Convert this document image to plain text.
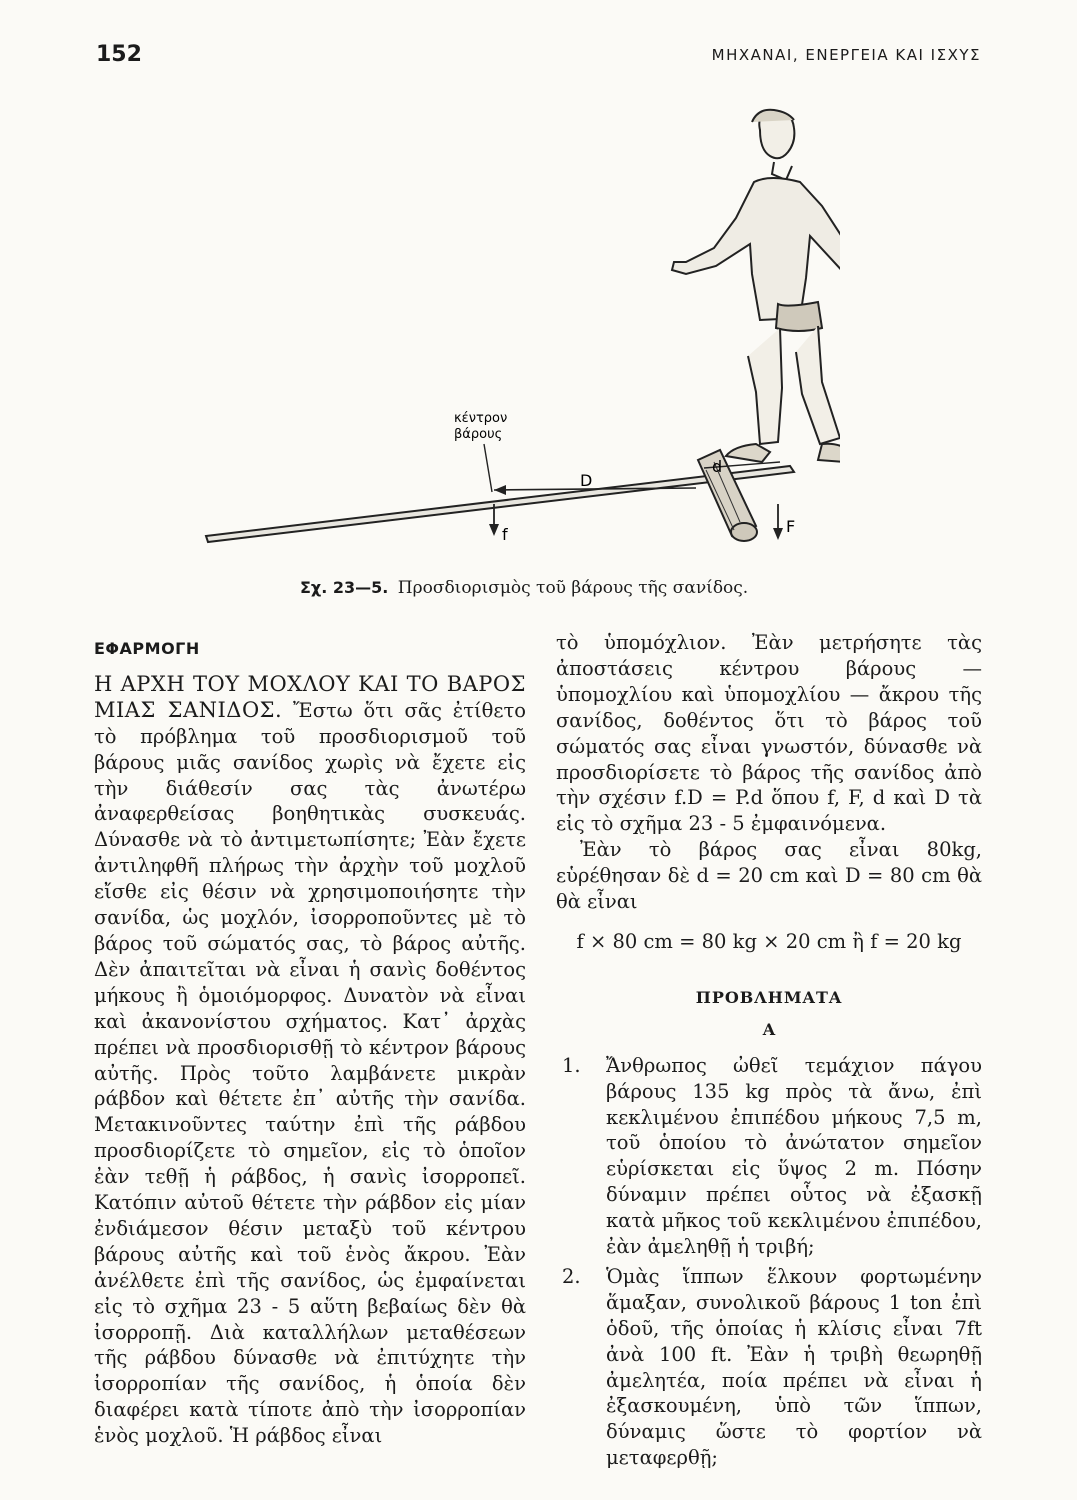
152	ΜΗΧΑΝΑΙ, ΕΝΕΡΓΕΙΑ ΚΑΙ ΙΣΧΥΣ
κέντρον
βάρους
D
d
f	F
Σχ. 23—5. Προσδιορισμὸς τοῦ βάρους τῆς σανίδος.
ΕΦΑΡΜΟΓΗ

Η ΑΡΧΗ ΤΟΥ ΜΟΧΛΟΥ ΚΑΙ ΤΟ ΒΑΡΟΣ ΜΙΑΣ ΣΑΝΙΔΟΣ. Ἔστω ὅτι σᾶς ἐτίθετο τὸ πρόβλημα τοῦ προσδιορισμοῦ τοῦ βάρους μιᾶς σανίδος χωρὶς νὰ ἔχετε εἰς τὴν διάθεσίν σας τὰς ἀνωτέρω ἀναφερθείσας βοηθητικὰς συσκευάς. Δύνασθε νὰ τὸ ἀντιμετωπίσητε; Ἐὰν ἔχετε ἀντιληφθῆ πλήρως τὴν ἀρχὴν τοῦ μοχλοῦ εἴσθε εἰς θέσιν νὰ χρησιμοποιήσητε τὴν σανίδα, ὡς μοχλόν, ἰσορροποῦντες μὲ τὸ βάρος τοῦ σώματός σας, τὸ βάρος αὐτῆς. Δὲν ἀπαιτεῖται νὰ εἶναι ἡ σανὶς δοθέντος μήκους ἢ ὁμοιόμορφος. Δυνατὸν νὰ εἶναι καὶ ἀκανονίστου σχήματος. Κατ᾽ ἀρχὰς πρέπει νὰ προσδιορισθῇ τὸ κέντρον βάρους αὐτῆς. Πρὸς τοῦτο λαμβάνετε μικρὰν ράβδον καὶ θέτετε ἐπ᾽ αὐτῆς τὴν σανίδα. Μετακινοῦντες ταύτην ἐπὶ τῆς ράβδου προσδιορίζετε τὸ σημεῖον, εἰς τὸ ὁποῖον ἐὰν τεθῇ ἡ ράβδος, ἡ σανὶς ἰσορροπεῖ. Κατόπιν αὐτοῦ θέτετε τὴν ράβδον εἰς μίαν ἐνδιάμεσον θέσιν μεταξὺ τοῦ κέντρου βάρους αὐτῆς καὶ τοῦ ἑνὸς ἄκρου. Ἐὰν ἀνέλθετε ἐπὶ τῆς σανίδος, ὡς ἐμφαίνεται εἰς τὸ σχῆμα 23 - 5 αὕτη βεβαίως δὲν θὰ ἰσορροπῇ. Διὰ καταλλήλων μεταθέσεων τῆς ράβδου δύνασθε νὰ ἐπιτύχητε τὴν ἰσορροπίαν τῆς σανίδος, ἡ ὁποία δὲν διαφέρει κατὰ τίποτε ἀπὸ τὴν ἰσορροπίαν ἑνὸς μοχλοῦ. Ἡ ράβδος εἶναι

τὸ ὑπομόχλιον. Ἐὰν μετρήσητε τὰς ἀποστάσεις κέντρου βάρους — ὑπομοχλίου καὶ ὑπομοχλίου — ἄκρου τῆς σανίδος, δοθέντος ὅτι τὸ βάρος τοῦ σώματός σας εἶναι γνωστόν, δύνασθε νὰ προσδιορίσετε τὸ βάρος τῆς σανίδος ἀπὸ τὴν σχέσιν f.D = P.d ὅπου f, F, d καὶ D τὰ εἰς τὸ σχῆμα 23 - 5 ἐμφαινόμενα.

Ἐὰν τὸ βάρος σας εἶναι 80kg, εὑρέθησαν δὲ d = 20 cm καὶ D = 80 cm θὰ θὰ εἶναι

f × 80 cm = 80 kg × 20 cm ἢ f = 20 kg
ΠΡΟΒΛΗΜΑΤΑ
Α
1.	Ἄνθρωπος ὠθεῖ τεμάχιον πάγου βάρους 135 kg πρὸς τὰ ἄνω, ἐπὶ κεκλιμένου ἐπιπέδου μήκους 7,5 m, τοῦ ὁποίου τὸ ἀνώτατον σημεῖον εὑρίσκεται εἰς ὕψος 2 m. Πόσην δύναμιν πρέπει οὗτος νὰ ἐξασκῇ κατὰ μῆκος τοῦ κεκλιμένου ἐπιπέδου, ἐὰν ἀμεληθῇ ἡ τριβή;
2.	Ὁμὰς ἵππων ἕλκουν φορτωμένην ἅμαξαν, συνολικοῦ βάρους 1 ton ἐπὶ ὁδοῦ, τῆς ὁποίας ἡ κλίσις εἶναι 7ft ἀνὰ 100 ft. Ἐὰν ἡ τριβὴ θεωρηθῇ ἀμελητέα, ποία πρέπει νὰ εἶναι ἡ ἐξασκουμένη, ὑπὸ τῶν ἵππων, δύναμις ὥστε τὸ φορτίον νὰ μεταφερθῇ;
